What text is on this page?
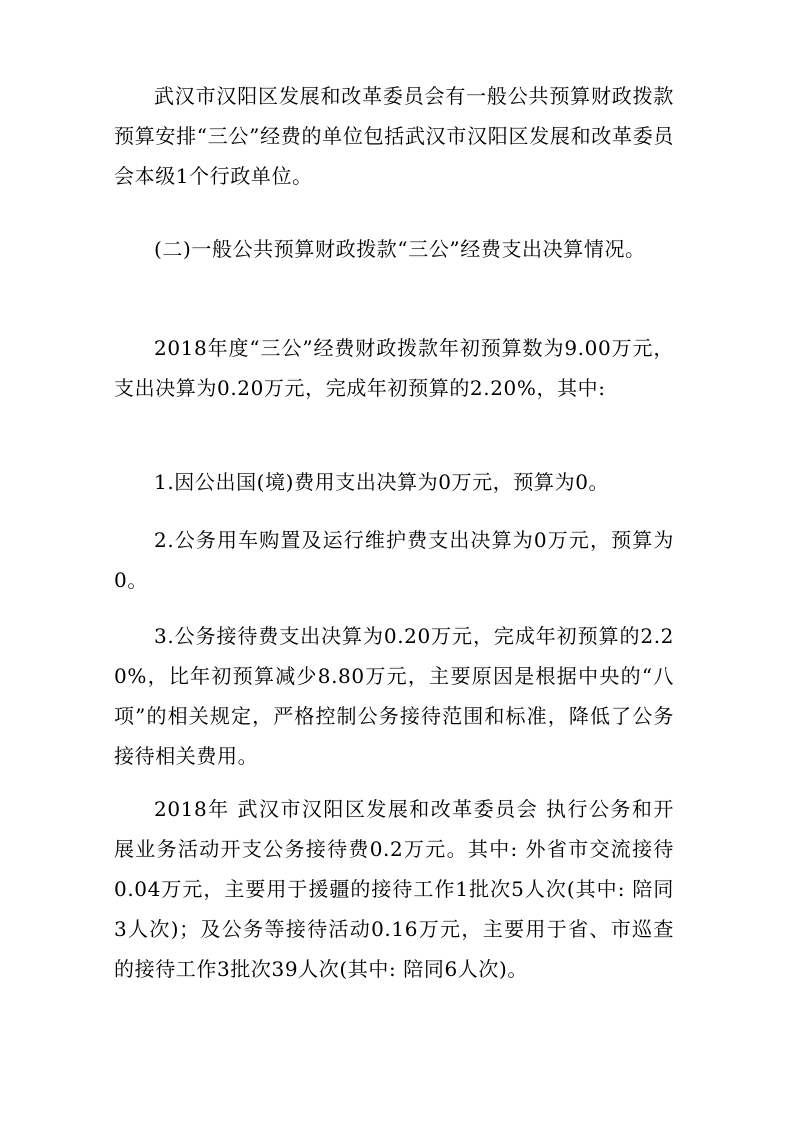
武汉市汉阳区发展和改革委员会有一般公共预算财政拨款预算安排“三公”经费的单位包括武汉市汉阳区发展和改革委员会本级1个行政单位。

(二)一般公共预算财政拨款“三公”经费支出决算情况。

2018年度“三公”经费财政拨款年初预算数为9.00万元，支出决算为0.20万元，完成年初预算的2.20%，其中:

1.因公出国(境)费用支出决算为0万元，预算为0。

2.公务用车购置及运行维护费支出决算为0万元，预算为0。

3.公务接待费支出决算为0.20万元，完成年初预算的2.20%，比年初预算减少8.80万元，主要原因是根据中央的“八项”的相关规定，严格控制公务接待范围和标准，降低了公务接待相关费用。

2018年 武汉市汉阳区发展和改革委员会 执行公务和开展业务活动开支公务接待费0.2万元。其中: 外省市交流接待0.04万元，主要用于援疆的接待工作1批次5人次(其中: 陪同3人次)；及公务等接待活动0.16万元，主要用于省、市巡查的接待工作3批次39人次(其中: 陪同6人次)。
